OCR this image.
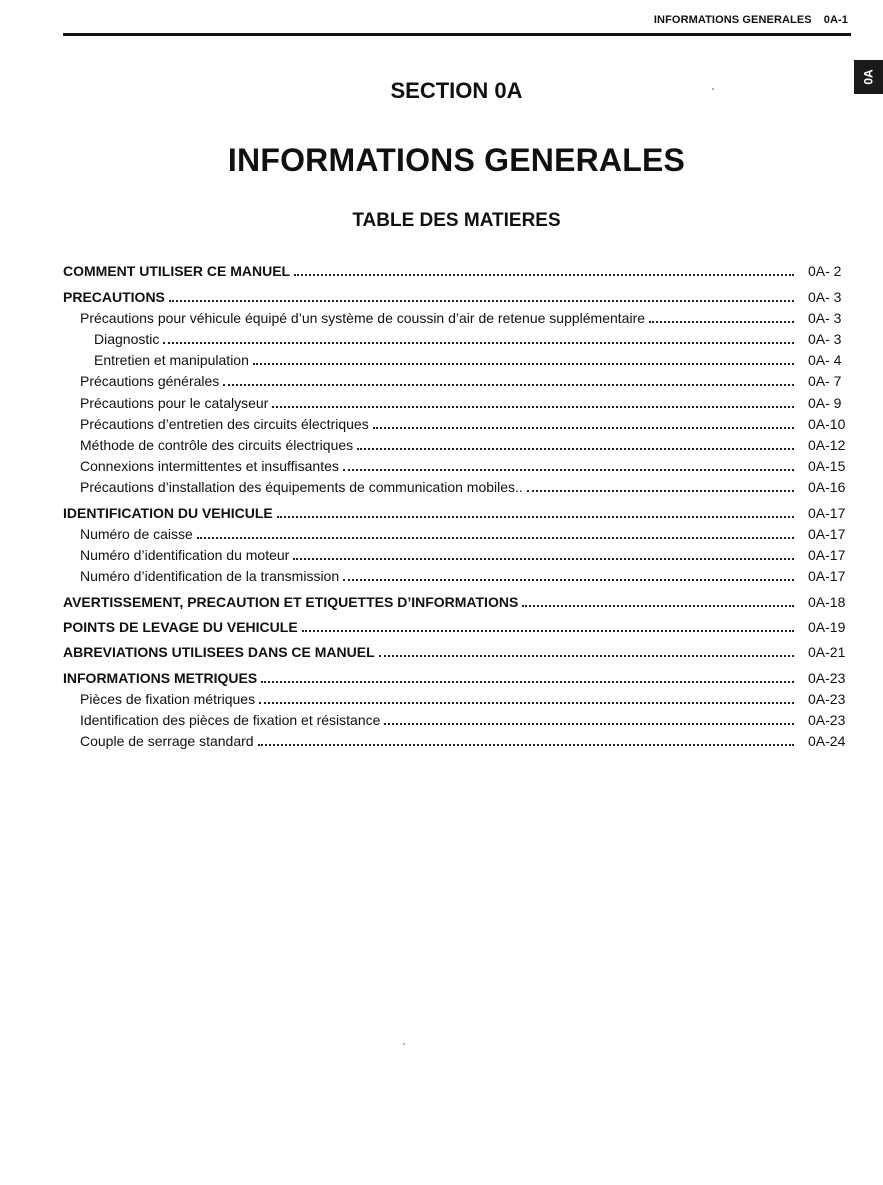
INFORMATIONS GENERALES 0A-1
0A
SECTION 0A
INFORMATIONS GENERALES
TABLE DES MATIERES
COMMENT UTILISER CE MANUEL	0A- 2
PRECAUTIONS	0A- 3
Précautions pour véhicule équipé d’un système de coussin d’air de retenue supplémentaire	0A- 3
Diagnostic	0A- 3
Entretien et manipulation	0A- 4
Précautions générales	0A- 7
Précautions pour le catalyseur	0A- 9
Précautions d’entretien des circuits électriques	0A-10
Méthode de contrôle des circuits électriques	0A-12
Connexions intermittentes et insuffisantes	0A-15
Précautions d’installation des équipements de communication mobiles..	0A-16
IDENTIFICATION DU VEHICULE	0A-17
Numéro de caisse	0A-17
Numéro d’identification du moteur	0A-17
Numéro d’identification de la transmission	0A-17
AVERTISSEMENT, PRECAUTION ET ETIQUETTES D’INFORMATIONS	0A-18
POINTS DE LEVAGE DU VEHICULE	0A-19
ABREVIATIONS UTILISEES DANS CE MANUEL	0A-21
INFORMATIONS METRIQUES	0A-23
Pièces de fixation métriques	0A-23
Identification des pièces de fixation et résistance	0A-23
Couple de serrage standard	0A-24
